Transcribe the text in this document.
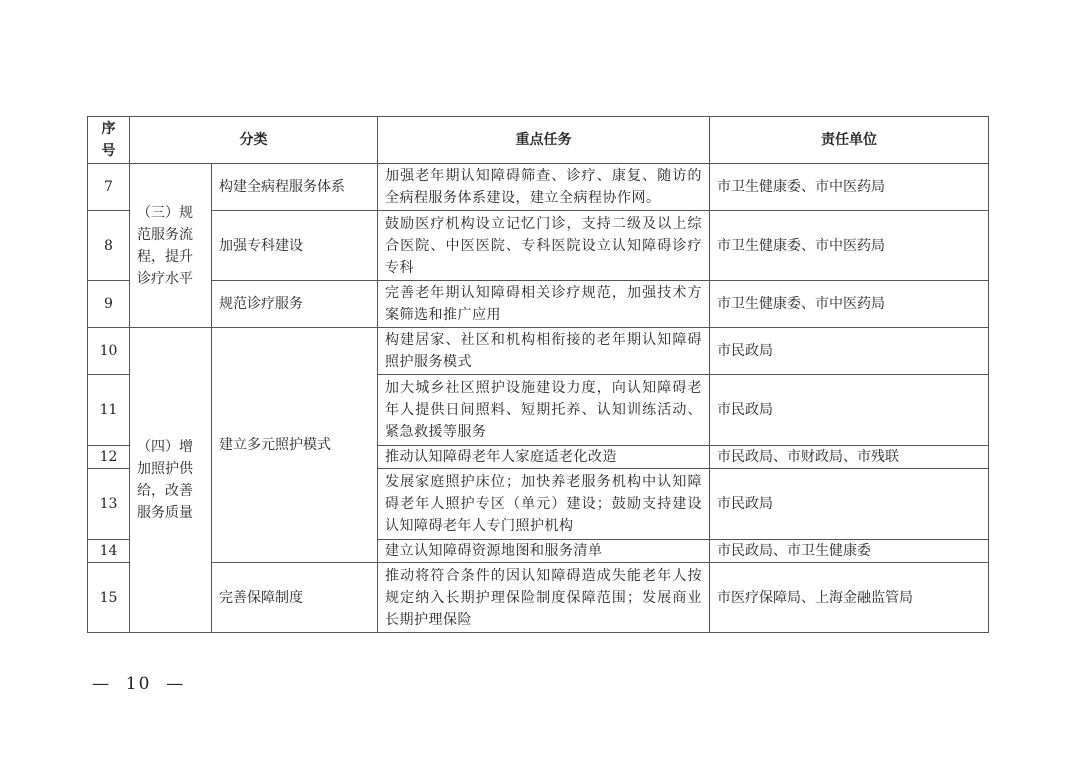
序号	分类		重点任务	责任单位
7	（三）规范服务流程，提升诊疗水平	构建全病程服务体系	加强老年期认知障碍筛查、诊疗、康复、随访的全病程服务体系建设，建立全病程协作网。	市卫生健康委、市中医药局
8		加强专科建设	鼓励医疗机构设立记忆门诊，支持二级及以上综合医院、中医医院、专科医院设立认知障碍诊疗专科	市卫生健康委、市中医药局
9		规范诊疗服务	完善老年期认知障碍相关诊疗规范，加强技术方案筛选和推广应用	市卫生健康委、市中医药局
10	（四）增加照护供给，改善服务质量	建立多元照护模式	构建居家、社区和机构相衔接的老年期认知障碍照护服务模式	市民政局
11			加大城乡社区照护设施建设力度，向认知障碍老年人提供日间照料、短期托养、认知训练活动、紧急救援等服务	市民政局
12			推动认知障碍老年人家庭适老化改造	市民政局、市财政局、市残联
13			发展家庭照护床位；加快养老服务机构中认知障碍老年人照护专区（单元）建设；鼓励支持建设认知障碍老年人专门照护机构	市民政局
14			建立认知障碍资源地图和服务清单	市民政局、市卫生健康委
15		完善保障制度	推动将符合条件的因认知障碍造成失能老年人按规定纳入长期护理保险制度保障范围；发展商业长期护理保险	市医疗保障局、上海金融监管局
—  10  —
